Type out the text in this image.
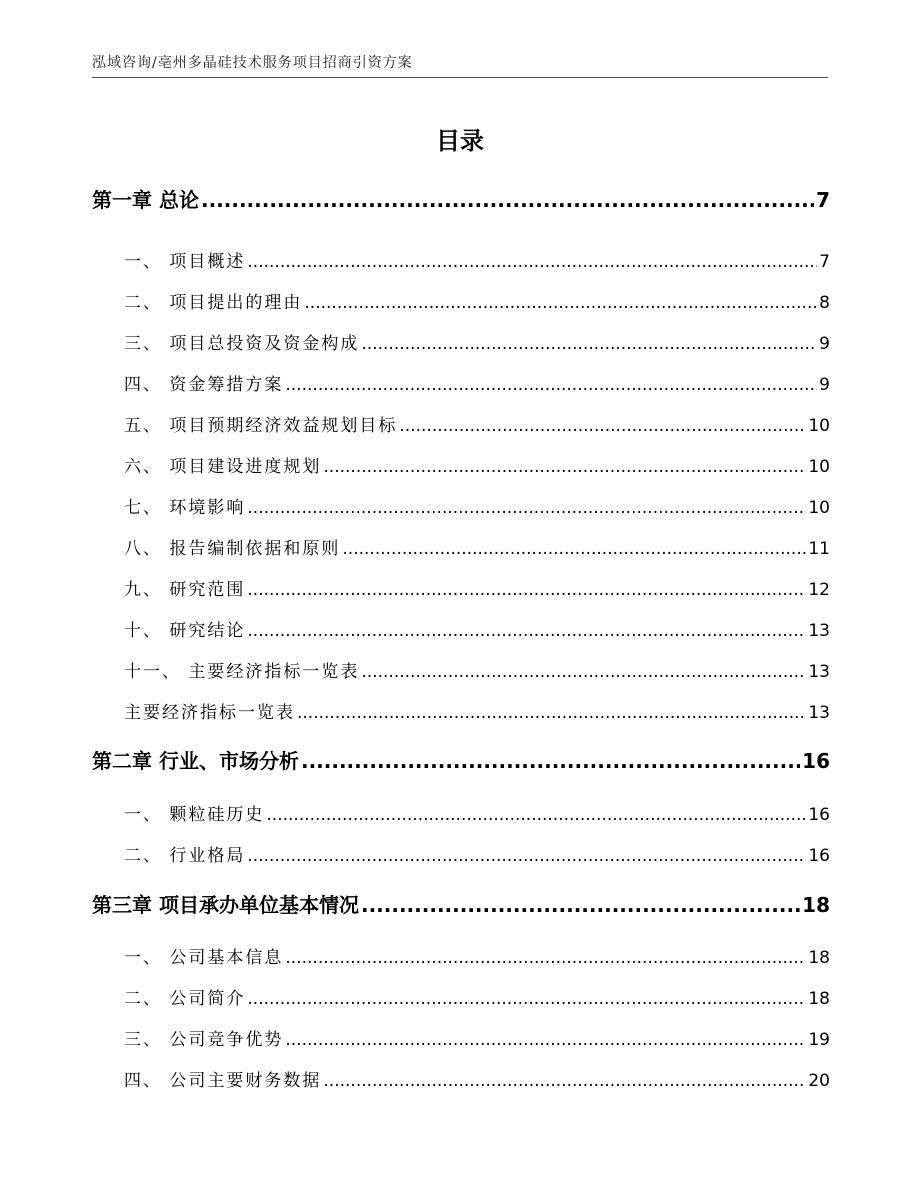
泓域咨询/亳州多晶硅技术服务项目招商引资方案
目录
第一章 总论 .....	7
一、 项目概述 .....	7
二、 项目提出的理由 .....	8
三、 项目总投资及资金构成 .....	9
四、 资金筹措方案 .....	9
五、 项目预期经济效益规划目标 .....	10
六、 项目建设进度规划 .....	10
七、 环境影响 .....	10
八、 报告编制依据和原则 .....	11
九、 研究范围 .....	12
十、 研究结论 .....	13
十一、 主要经济指标一览表 .....	13
主要经济指标一览表 .....	13
第二章 行业、市场分析 .....	16
一、 颗粒硅历史 .....	16
二、 行业格局 .....	16
第三章 项目承办单位基本情况 .....	18
一、 公司基本信息 .....	18
二、 公司简介 .....	18
三、 公司竞争优势 .....	19
四、 公司主要财务数据 .....	20
